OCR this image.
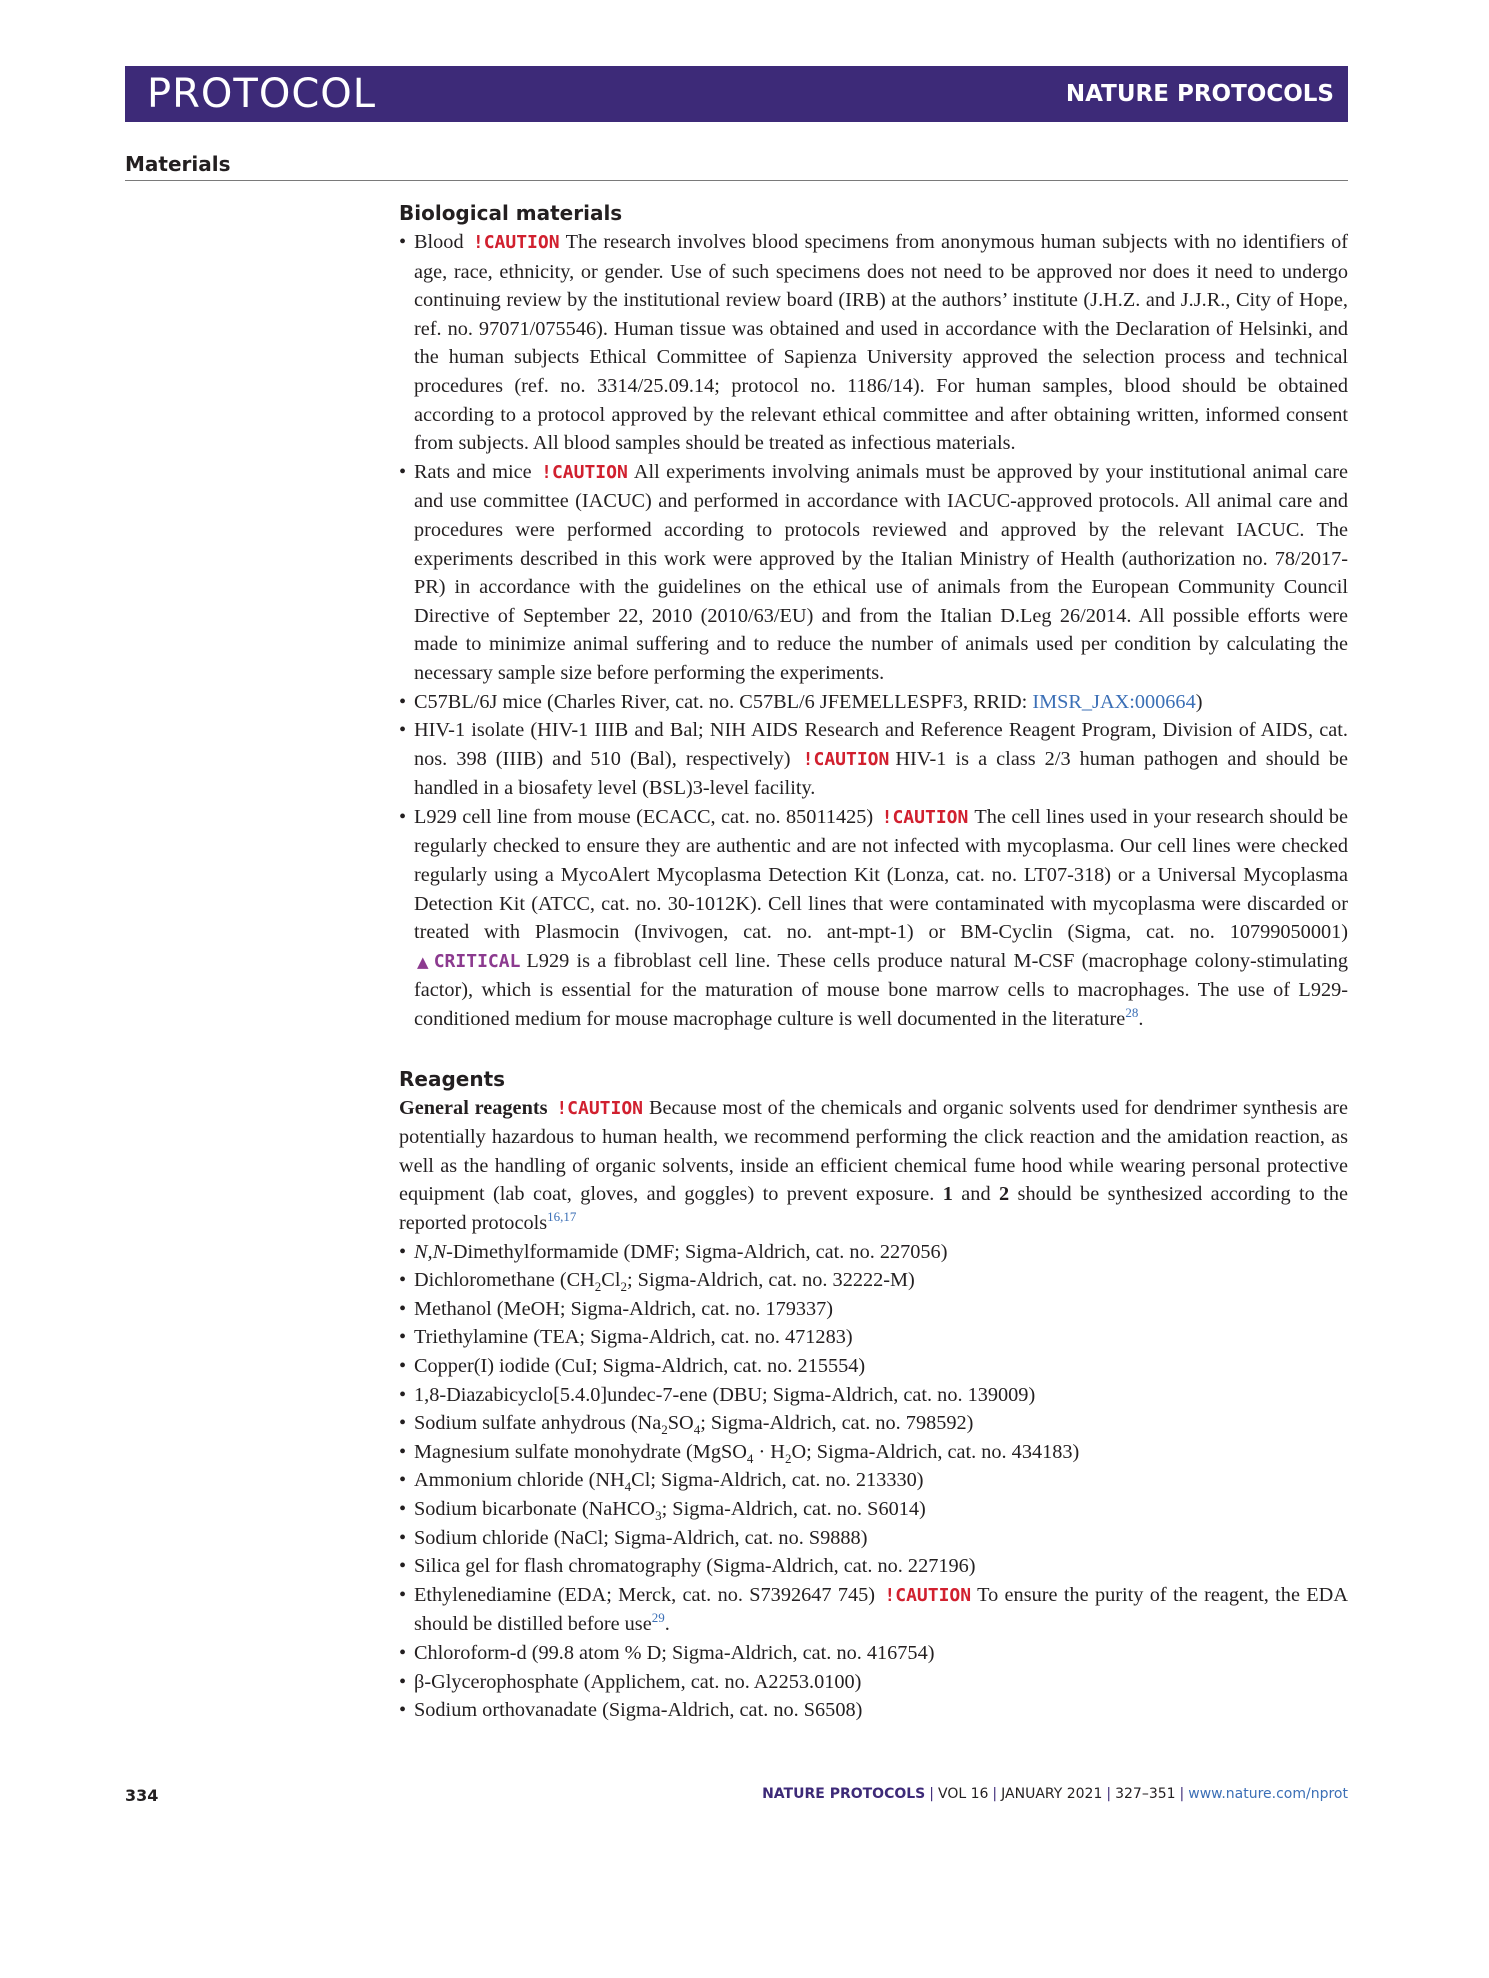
PROTOCOL	NATURE PROTOCOLS
Materials
Biological materials
• Blood !CAUTION The research involves blood specimens from anonymous human subjects with no identifiers of age, race, ethnicity, or gender. Use of such specimens does not need to be approved nor does it need to undergo continuing review by the institutional review board (IRB) at the authors’ institute (J.H.Z. and J.J.R., City of Hope, ref. no. 97071/075546). Human tissue was obtained and used in accordance with the Declaration of Helsinki, and the human subjects Ethical Committee of Sapienza University approved the selection process and technical procedures (ref. no. 3314/25.09.14; protocol no. 1186/14). For human samples, blood should be obtained according to a protocol approved by the relevant ethical committee and after obtaining written, informed consent from subjects. All blood samples should be treated as infectious materials.
• Rats and mice !CAUTION All experiments involving animals must be approved by your institutional animal care and use committee (IACUC) and performed in accordance with IACUC-approved protocols. All animal care and procedures were performed according to protocols reviewed and approved by the relevant IACUC. The experiments described in this work were approved by the Italian Ministry of Health (authorization no. 78/2017-PR) in accordance with the guidelines on the ethical use of animals from the European Community Council Directive of September 22, 2010 (2010/63/EU) and from the Italian D.Leg 26/2014. All possible efforts were made to minimize animal suffering and to reduce the number of animals used per condition by calculating the necessary sample size before performing the experiments.
• C57BL/6J mice (Charles River, cat. no. C57BL/6 JFEMELLESPF3, RRID: IMSR_JAX:000664)
• HIV-1 isolate (HIV-1 IIIB and Bal; NIH AIDS Research and Reference Reagent Program, Division of AIDS, cat. nos. 398 (IIIB) and 510 (Bal), respectively) !CAUTION HIV-1 is a class 2/3 human pathogen and should be handled in a biosafety level (BSL)3-level facility.
• L929 cell line from mouse (ECACC, cat. no. 85011425) !CAUTION The cell lines used in your research should be regularly checked to ensure they are authentic and are not infected with mycoplasma. Our cell lines were checked regularly using a MycoAlert Mycoplasma Detection Kit (Lonza, cat. no. LT07-318) or a Universal Mycoplasma Detection Kit (ATCC, cat. no. 30-1012K). Cell lines that were contaminated with mycoplasma were discarded or treated with Plasmocin (Invivogen, cat. no. ant-mpt-1) or BM-Cyclin (Sigma, cat. no. 10799050001) ▲ CRITICAL L929 is a fibroblast cell line. These cells produce natural M-CSF (macrophage colony-stimulating factor), which is essential for the maturation of mouse bone marrow cells to macrophages. The use of L929-conditioned medium for mouse macrophage culture is well documented in the literature$^{28}$.
Reagents
General reagents !CAUTION Because most of the chemicals and organic solvents used for dendrimer synthesis are potentially hazardous to human health, we recommend performing the click reaction and the amidation reaction, as well as the handling of organic solvents, inside an efficient chemical fume hood while wearing personal protective equipment (lab coat, gloves, and goggles) to prevent exposure. 1 and 2 should be synthesized according to the reported protocols$^{16,17}$
• N,N-Dimethylformamide (DMF; Sigma-Aldrich, cat. no. 227056)
• Dichloromethane ($CH_2Cl_2$; Sigma-Aldrich, cat. no. 32222-M)
• Methanol (MeOH; Sigma-Aldrich, cat. no. 179337)
• Triethylamine (TEA; Sigma-Aldrich, cat. no. 471283)
• Copper(I) iodide (CuI; Sigma-Aldrich, cat. no. 215554)
• 1,8-Diazabicyclo[5.4.0]undec-7-ene (DBU; Sigma-Aldrich, cat. no. 139009)
• Sodium sulfate anhydrous ($Na_2SO_4$; Sigma-Aldrich, cat. no. 798592)
• Magnesium sulfate monohydrate (MgSO$_4$ · $H_2O$; Sigma-Aldrich, cat. no. 434183)
• Ammonium chloride ($NH_4Cl$; Sigma-Aldrich, cat. no. 213330)
• Sodium bicarbonate (NaHCO$_3$; Sigma-Aldrich, cat. no. S6014)
• Sodium chloride (NaCl; Sigma-Aldrich, cat. no. S9888)
• Silica gel for flash chromatography (Sigma-Aldrich, cat. no. 227196)
• Ethylenediamine (EDA; Merck, cat. no. S7392647 745) !CAUTION To ensure the purity of the reagent, the EDA should be distilled before use$^{29}$.
• Chloroform-d (99.8 atom % D; Sigma-Aldrich, cat. no. 416754)
• β-Glycerophosphate (Applichem, cat. no. A2253.0100)
• Sodium orthovanadate (Sigma-Aldrich, cat. no. S6508)
334	NATURE PROTOCOLS | VOL 16 | JANUARY 2021 | 327–351 | www.nature.com/nprot
